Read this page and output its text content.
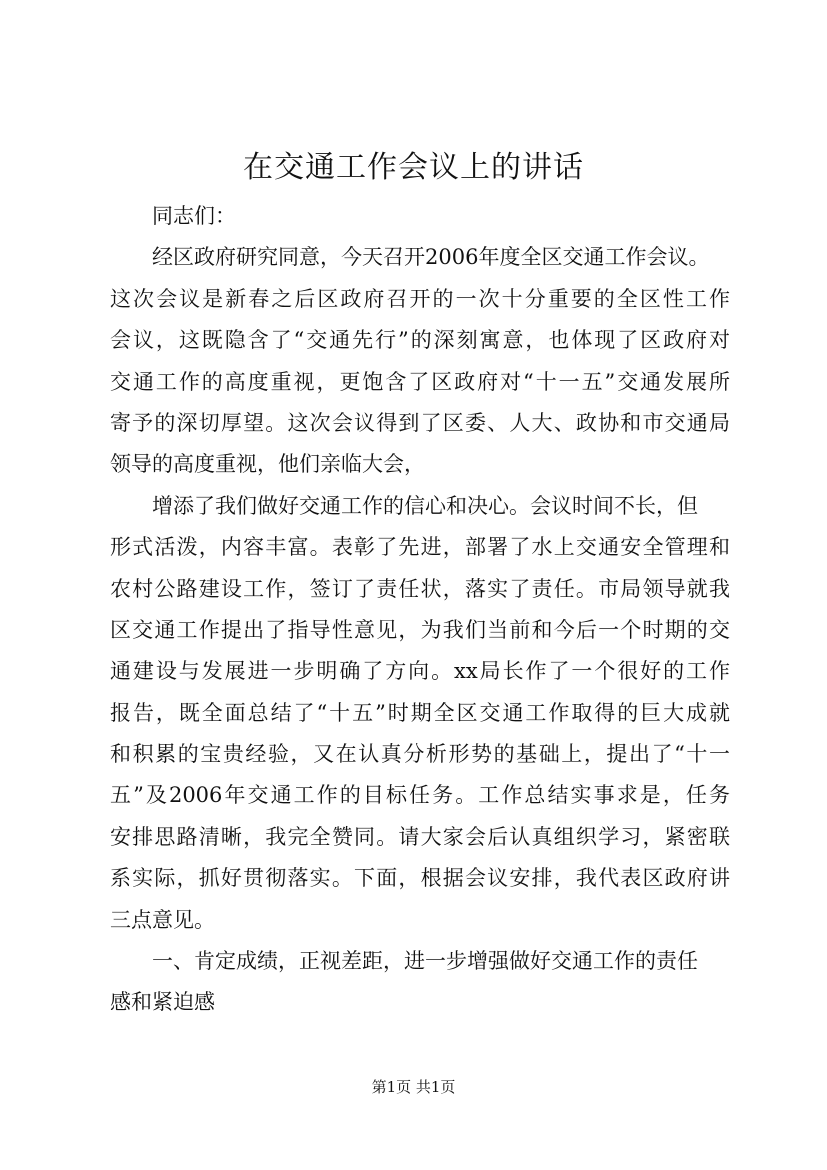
在交通工作会议上的讲话
同志们：
经区政府研究同意，今天召开2006年度全区交通工作会议。
这次会议是新春之后区政府召开的一次十分重要的全区性工作
会议，这既隐含了“交通先行”的深刻寓意，也体现了区政府对
交通工作的高度重视，更饱含了区政府对“十一五”交通发展所
寄予的深切厚望。这次会议得到了区委、人大、政协和市交通局
领导的高度重视，他们亲临大会，
增添了我们做好交通工作的信心和决心。会议时间不长，但
形式活泼，内容丰富。表彰了先进，部署了水上交通安全管理和
农村公路建设工作，签订了责任状，落实了责任。市局领导就我
区交通工作提出了指导性意见，为我们当前和今后一个时期的交
通建设与发展进一步明确了方向。xx局长作了一个很好的工作
报告，既全面总结了“十五”时期全区交通工作取得的巨大成就
和积累的宝贵经验，又在认真分析形势的基础上，提出了“十一
五”及2006年交通工作的目标任务。工作总结实事求是，任务
安排思路清晰，我完全赞同。请大家会后认真组织学习，紧密联
系实际，抓好贯彻落实。下面，根据会议安排，我代表区政府讲
三点意见。
一、肯定成绩，正视差距，进一步增强做好交通工作的责任
感和紧迫感
第1页 共1页
